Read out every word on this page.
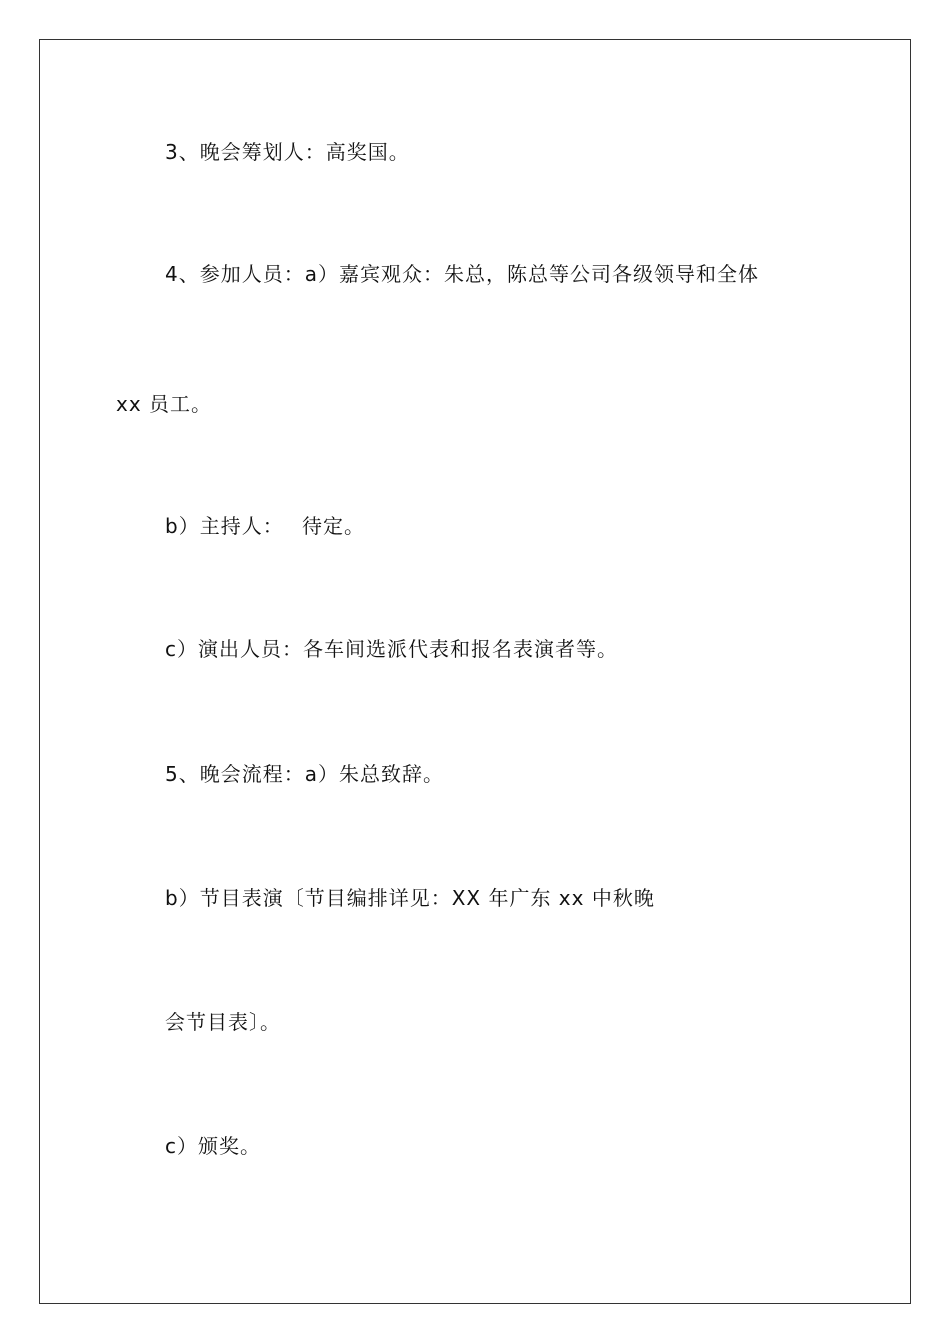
3、晚会筹划人：高奖国。
4、参加人员：a）嘉宾观众：朱总，陈总等公司各级领导和全体
xx 员工。
b）主持人：　 待定。
c）演出人员：各车间选派代表和报名表演者等。
5、晚会流程：a）朱总致辞。
b）节目表演〔节目编排详见：XX 年广东 xx 中秋晚
会节目表〕。
c）颁奖。
